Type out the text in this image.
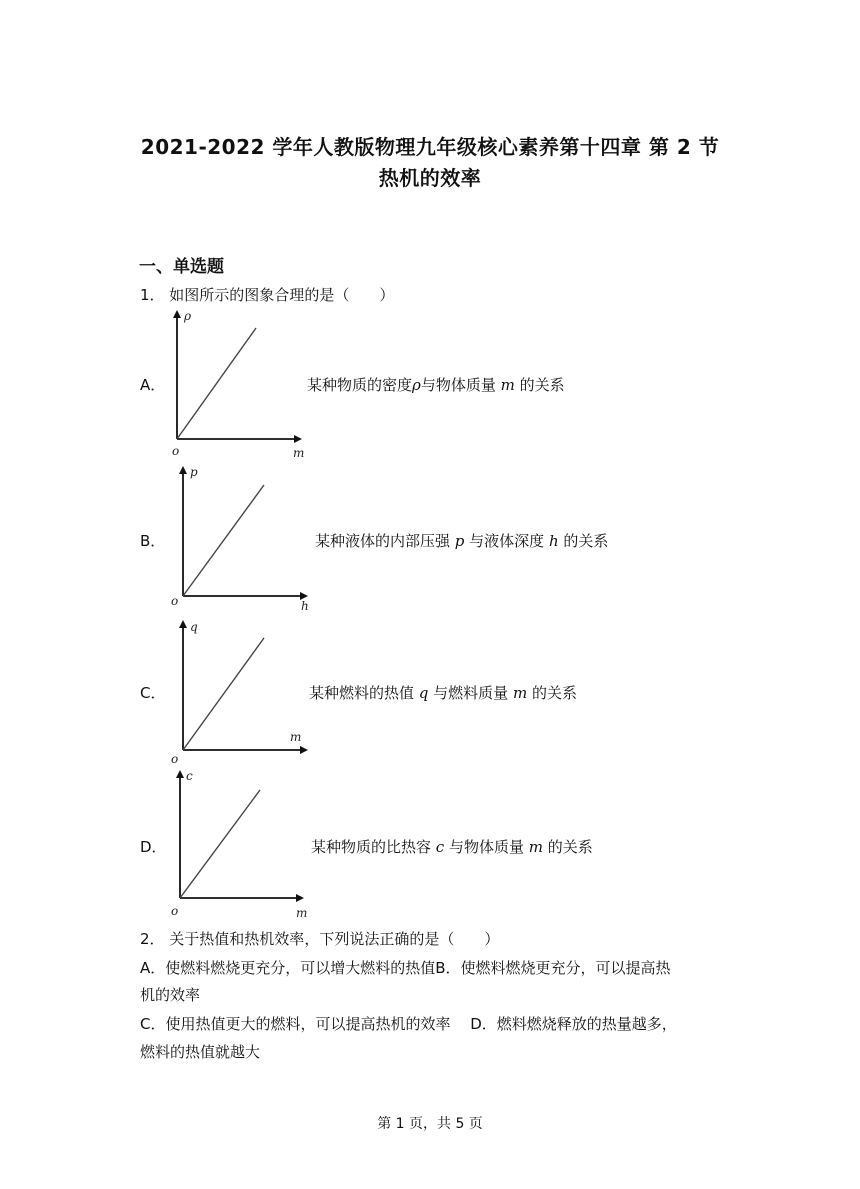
2021-2022 学年人教版物理九年级核心素养第十四章 第 2 节
热机的效率
一、单选题
1． 如图所示的图象合理的是（　　）
A．
ρ
m
o
某种物质的密度ρ与物体质量 m 的关系
B．
p
h
o
某种液体的内部压强 p 与液体深度 h 的关系
C．
q
m
o
某种燃料的热值 q 与燃料质量 m 的关系
D．
c
m
o
某种物质的比热容 c 与物体质量 m 的关系
2． 关于热值和热机效率，下列说法正确的是（　　）
A．使燃料燃烧更充分，可以增大燃料的热值B．使燃料燃烧更充分，可以提高热
机的效率
C．使用热值更大的燃料，可以提高热机的效率　 D．燃料燃烧释放的热量越多，
燃料的热值就越大
第 1 页，共 5 页
